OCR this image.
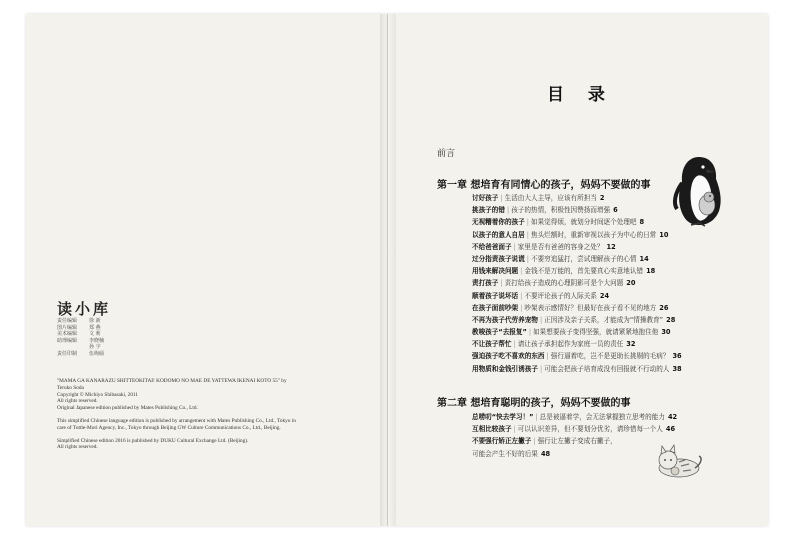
读小库
责任编辑	徐 新
图片编辑	郑 燕
美术编辑	文 莉
助理编辑	李晓楠
孙 宇
责任印制	伍绚硕

"MAMA GA KANARAZU SHITTEOKITAI! KODOMO NO MAE DE YATTEWA IKENAI KOTO 55" by Teruko Soda
Copyright © Michiyo Shibasaki, 2011
All rights reserved.
Original Japanese edition published by Mates Publishing Co., Ltd.

This simplified Chinese language edition is published by arrangement with Mates Publishing Co., Ltd., Tokyo in care of Tuttle-Mori Agency, Inc., Tokyo through Beijing GW Culture Communications Co., Ltd., Beijing.

Simplified Chinese edition 2016 is published by DUKU Cultural Exchange Ltd. (Beijing).
All rights reserved.

目 录
前言
第一章 想培育有同情心的孩子，妈妈不要做的事
讨好孩子 | 生活由大人主导，应该有所担当 2
挑孩子的错 | 孩子的热情，积极性因赞扬而增强 6
无视糟着你的孩子 | 如果觉得烦，就划分时间逐个处理吧 8
以孩子的意人自居 | 焦头烂额时，重新审视以孩子为中心的日常 10
不给爸爸面子 | 家里是否有爸爸的容身之处？ 12
过分指责孩子说谎 | 不要穷追猛打，尝试理解孩子的心情 14
用钱来解决问题 | 金钱不是万能的，首先要真心实意地认错 18
责打孩子 | 责打给孩子造成的心理阴影可是个大问题 20
顺着孩子说坏话 | 不要评论孩子的人际关系 24
在孩子面前吵架 | 吵架表示感情好？但最好在孩子看不见的地方 26
不再为孩子代劳养宠物 | 正因涉及亲子关系，才能成为“情操教育” 28
教唆孩子“去报复” | 如果想要孩子变得坚强，就请紧紧地抱住他 30
不让孩子帮忙 | 请让孩子承担起作为家庭一员的责任 32
强迫孩子吃不喜欢的东西 | 强行逼着吃，岂不是更助长挑剔的毛病？ 36
用物质和金钱引诱孩子 | 可能会把孩子培育成没有回报就不行动的人 38
第二章 想培育聪明的孩子，妈妈不要做的事
总唠叨“快去学习！” | 总是被逼着学，会无法掌握独立思考的能力 42
互相比较孩子 | 可以认识差异，但不要划分优劣，请珍惜每一个人 46
不要强行矫正左撇子 | 强行让左撇子变成右撇子，
可能会产生不好的后果 48
